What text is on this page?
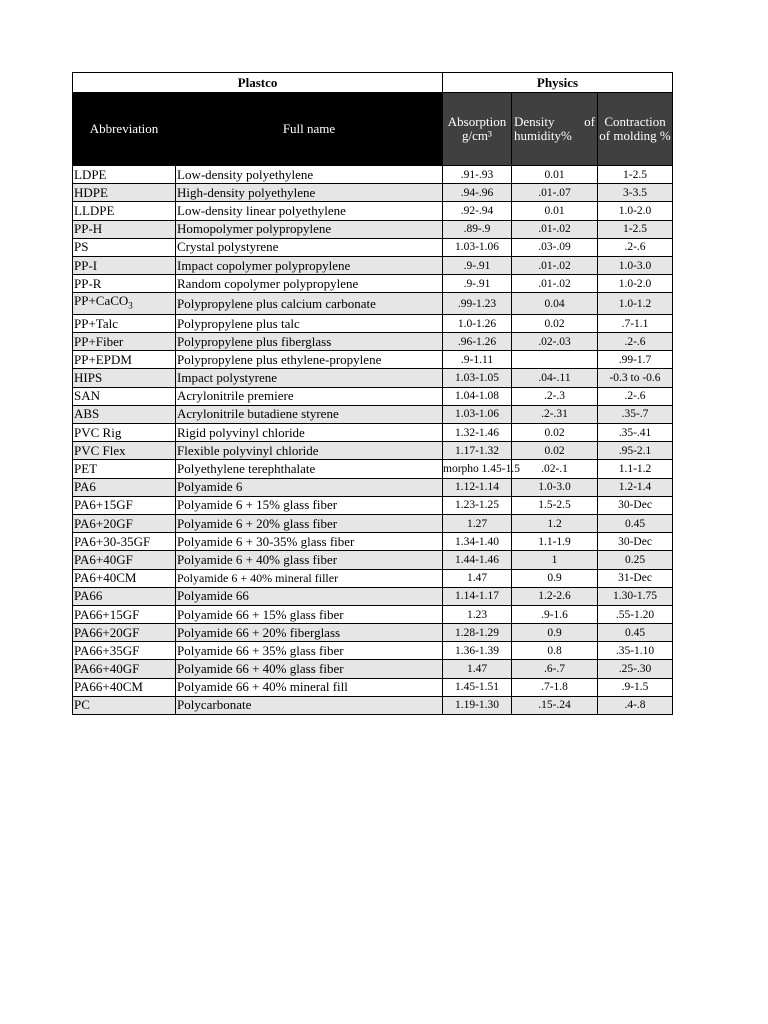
Plastco		Physics		

Abbreviation	Full name	Absorption g/cm³	Density of humidity%	Contraction of molding %

LDPE	Low-density polyethylene	.91-.93	0.01	1-2.5
HDPE	High-density polyethylene	.94-.96	.01-.07	3-3.5
LLDPE	Low-density linear polyethylene	.92-.94	0.01	1.0-2.0
PP-H	Homopolymer polypropylene	.89-.9	.01-.02	1-2.5
PS	Crystal polystyrene	1.03-1.06	.03-.09	.2-.6
PP-I	Impact copolymer polypropylene	.9-.91	.01-.02	1.0-3.0
PP-R	Random copolymer polypropylene	.9-.91	.01-.02	1.0-2.0
PP+CaCO$_3$	Polypropylene plus calcium carbonate	.99-1.23	0.04	1.0-1.2
PP+Talc	Polypropylene plus talc	1.0-1.26	0.02	.7-1.1
PP+Fiber	Polypropylene plus fiberglass	.96-1.26	.02-.03	.2-.6
PP+EPDM	Polypropylene plus ethylene-propylene	.9-1.11		.99-1.7
HIPS	Impact polystyrene	1.03-1.05	.04-.11	-0.3 to -0.6
SAN	Acrylonitrile premiere	1.04-1.08	.2-.3	.2-.6
ABS	Acrylonitrile butadiene styrene	1.03-1.06	.2-.31	.35-.7
PVC Rig	Rigid polyvinyl chloride	1.32-1.46	0.02	.35-.41
PVC Flex	Flexible polyvinyl chloride	1.17-1.32	0.02	.95-2.1
PET	Polyethylene terephthalate	morpho 1.45-1.5	.02-.1	1.1-1.2
PA6	Polyamide 6	1.12-1.14	1.0-3.0	1.2-1.4
PA6+15GF	Polyamide 6 + 15% glass fiber	1.23-1.25	1.5-2.5	30-Dec
PA6+20GF	Polyamide 6 + 20% glass fiber	1.27	1.2	0.45
PA6+30-35GF	Polyamide 6 + 30-35% glass fiber	1.34-1.40	1.1-1.9	30-Dec
PA6+40GF	Polyamide 6 + 40% glass fiber	1.44-1.46	1	0.25
PA6+40CM	Polyamide 6 + 40% mineral filler	1.47	0.9	31-Dec
PA66	Polyamide 66	1.14-1.17	1.2-2.6	1.30-1.75
PA66+15GF	Polyamide 66 + 15% glass fiber	1.23	.9-1.6	.55-1.20
PA66+20GF	Polyamide 66 + 20% fiberglass	1.28-1.29	0.9	0.45
PA66+35GF	Polyamide 66 + 35% glass fiber	1.36-1.39	0.8	.35-1.10
PA66+40GF	Polyamide 66 + 40% glass fiber	1.47	.6-.7	.25-.30
PA66+40CM	Polyamide 66 + 40% mineral fill	1.45-1.51	.7-1.8	.9-1.5
PC	Polycarbonate	1.19-1.30	.15-.24	.4-.8
